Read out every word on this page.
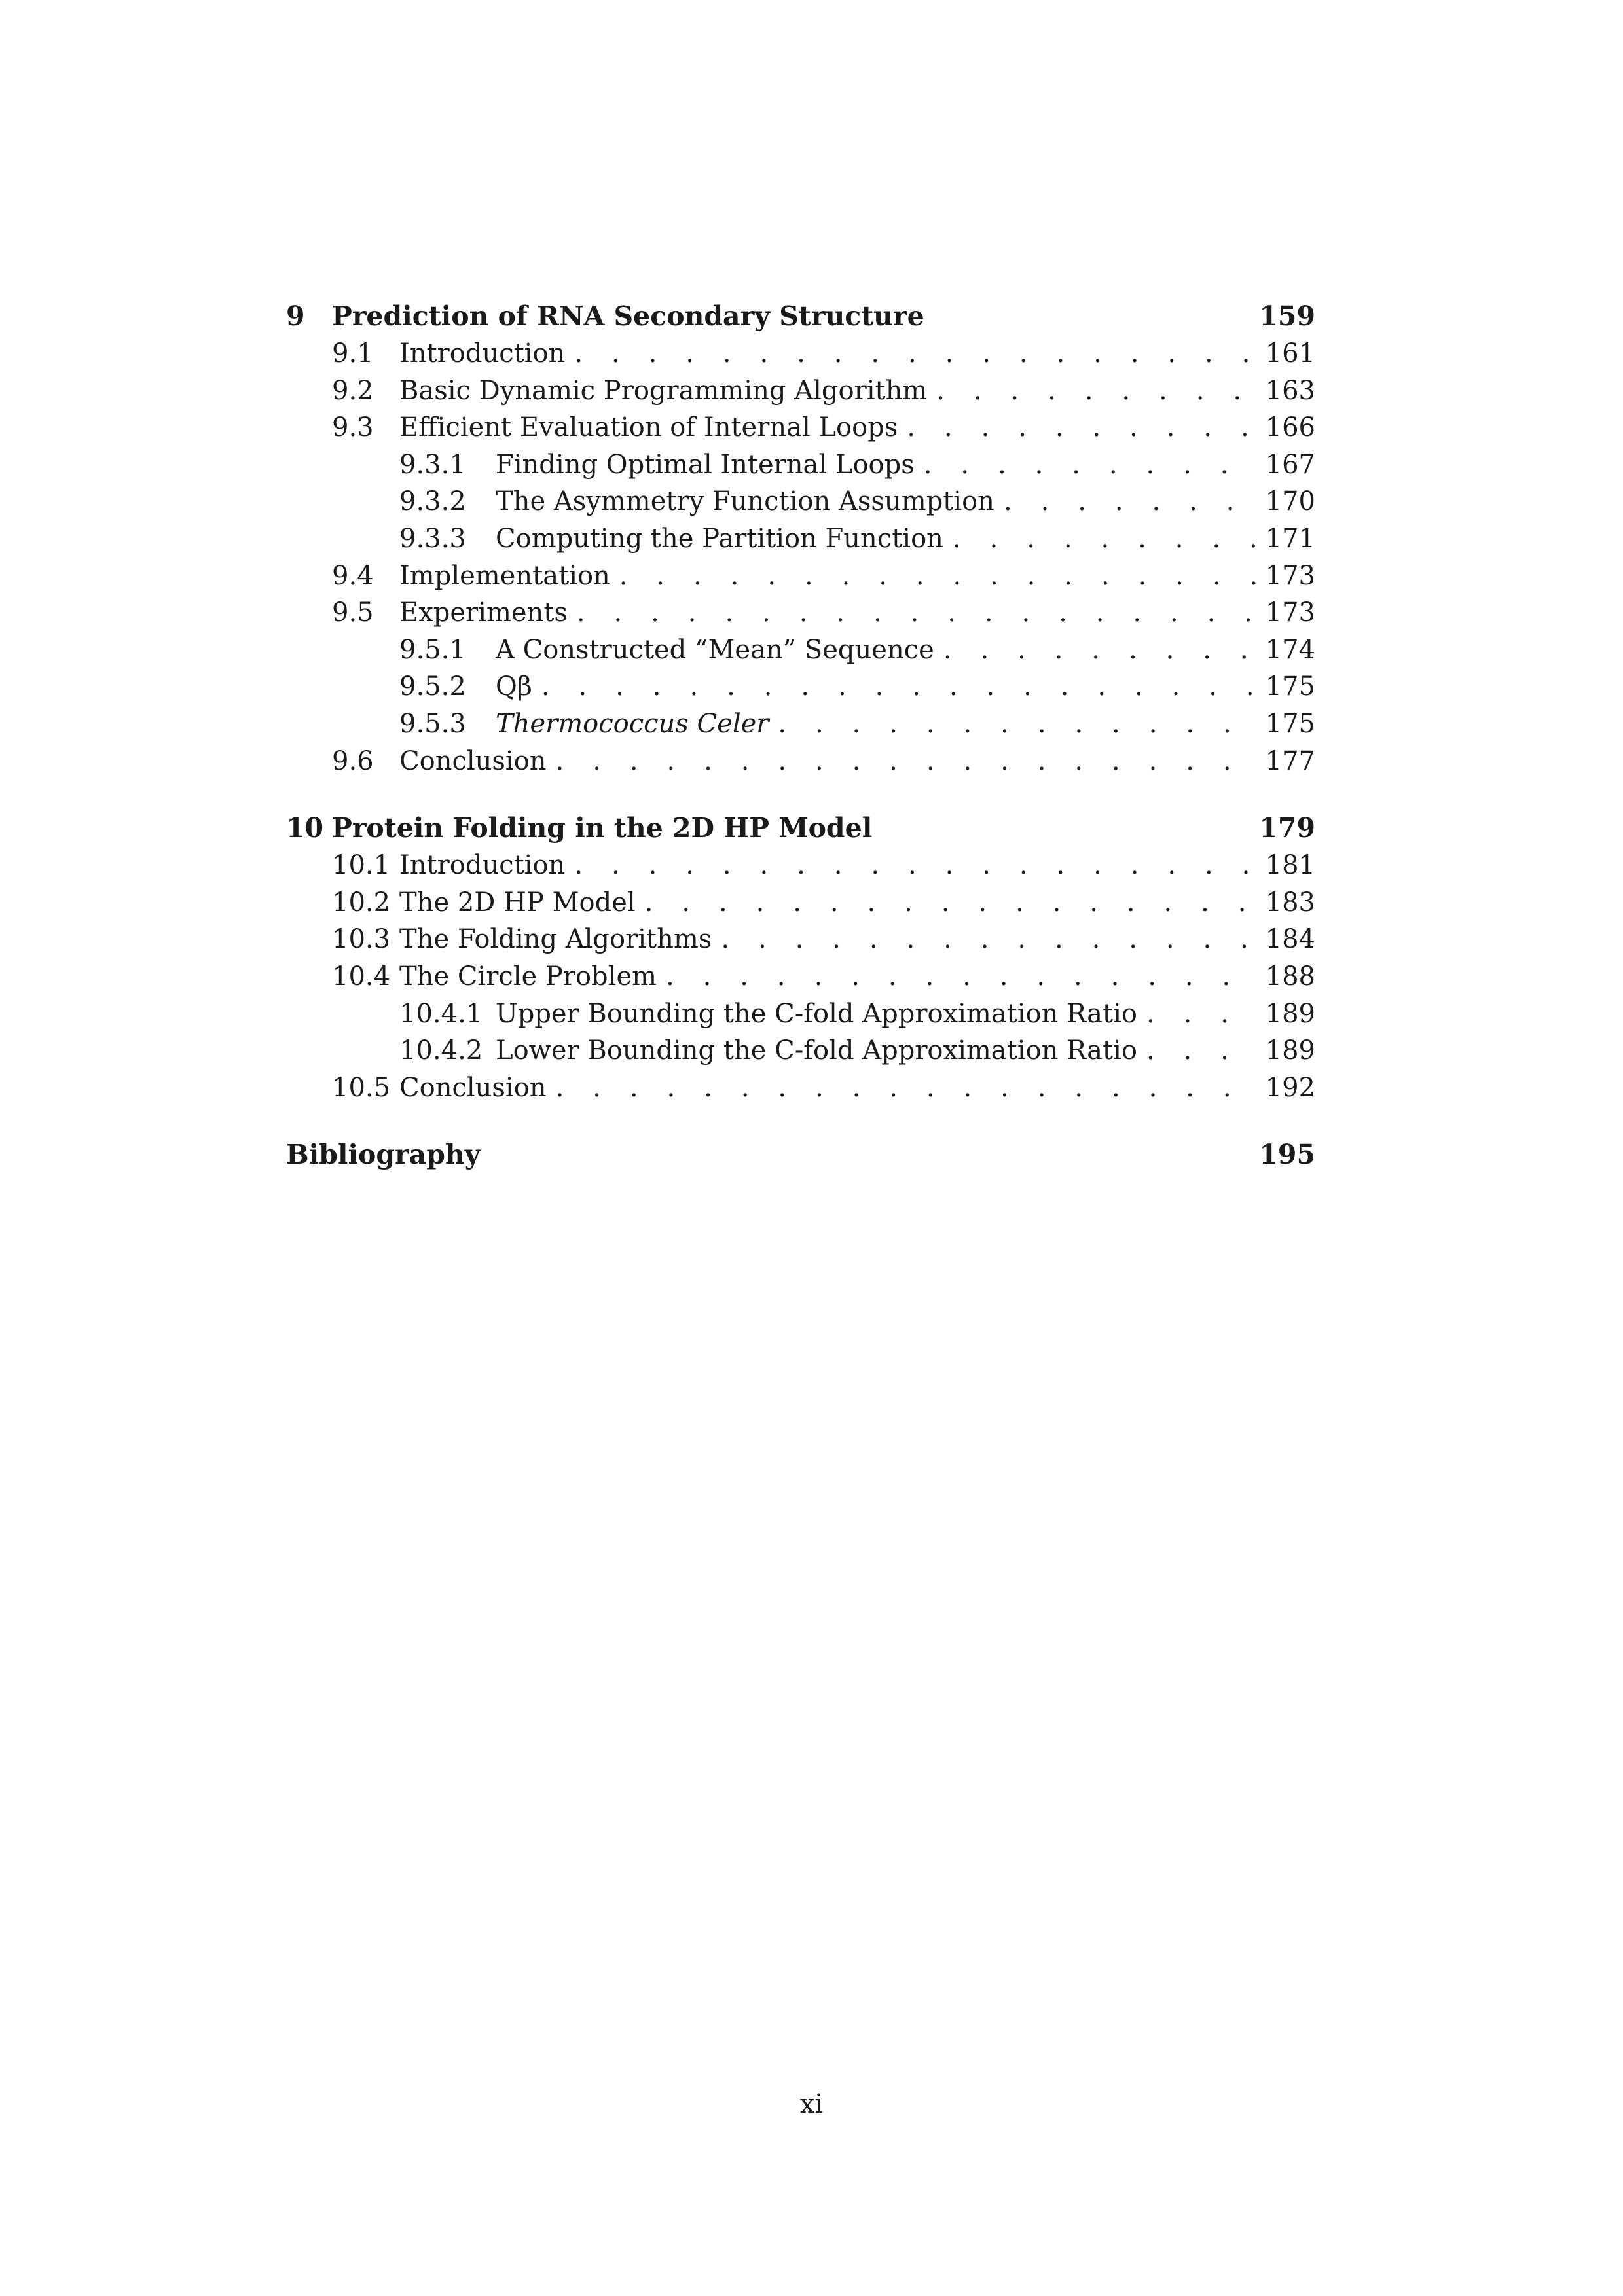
9	Prediction of RNA Secondary Structure	159
9.1 Introduction . . .	161
9.2 Basic Dynamic Programming Algorithm . . .	163
9.3 Efficient Evaluation of Internal Loops . . .	166
9.3.1	Finding Optimal Internal Loops . . .	167
9.3.2	The Asymmetry Function Assumption . . .	170
9.3.3	Computing the Partition Function . . .	171
9.4 Implementation . . .	173
9.5 Experiments . . .	173
9.5.1	A Constructed “Mean” Sequence . . .	174
9.5.2	Qβ . . .	175
9.5.3	Thermococcus Celer . . .	175
9.6 Conclusion . . .	177
10 Protein Folding in the 2D HP Model	179
10.1 Introduction . . .	181
10.2 The 2D HP Model . . .	183
10.3 The Folding Algorithms . . .	184
10.4 The Circle Problem . . .	188
10.4.1 Upper Bounding the C-fold Approximation Ratio . . .	189
10.4.2 Lower Bounding the C-fold Approximation Ratio . . .	189
10.5 Conclusion . . .	192
Bibliography	195
xi
